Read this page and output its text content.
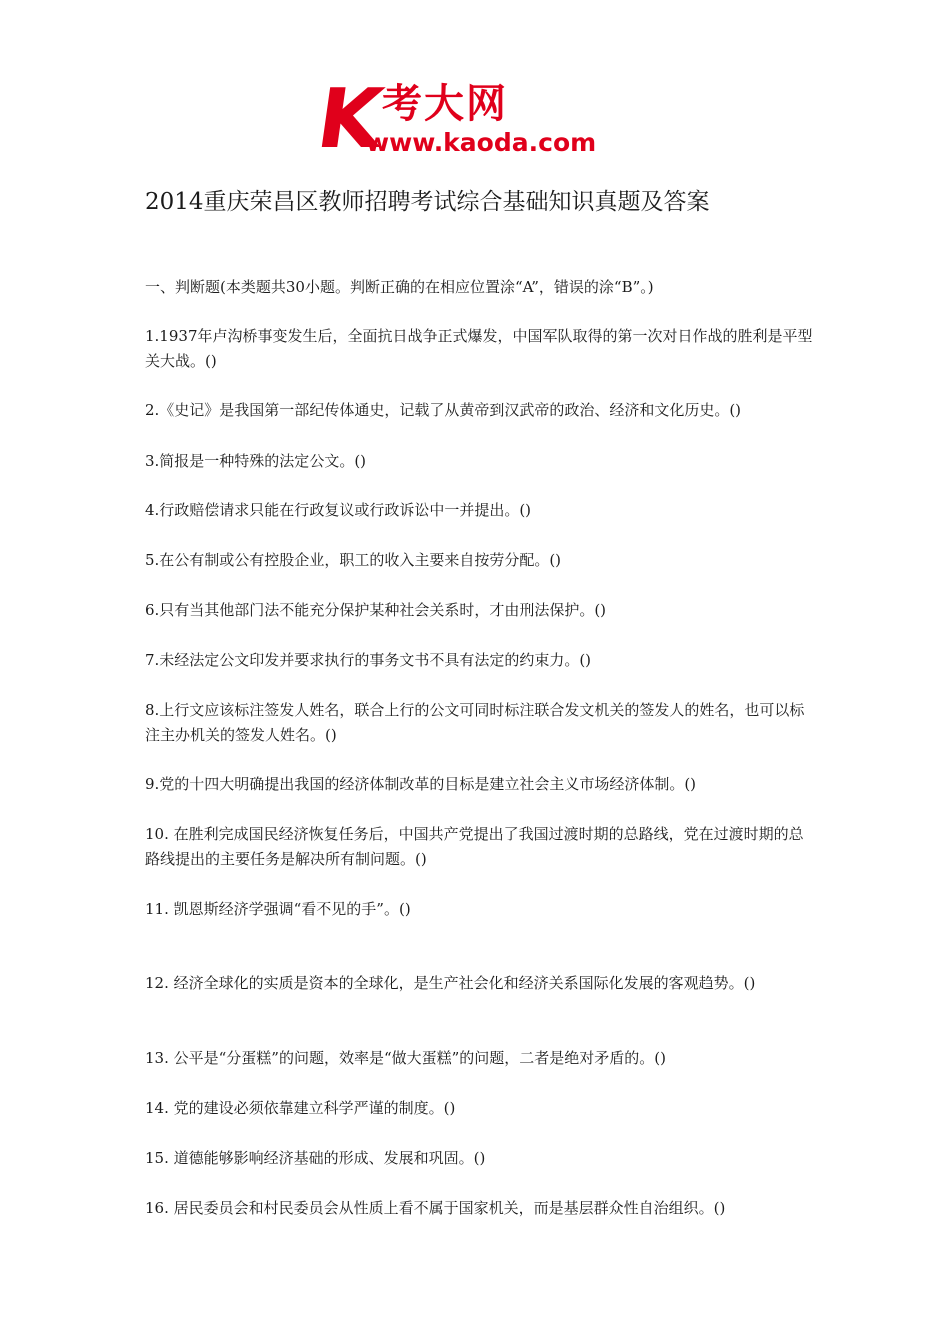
K
考大网
www.kaoda.com
2014重庆荣昌区教师招聘考试综合基础知识真题及答案

一、判断题(本类题共30小题。判断正确的在相应位置涂“A”，错误的涂“B”。)

1.1937年卢沟桥事变发生后，全面抗日战争正式爆发，中国军队取得的第一次对日作战的胜利是平型关大战。()

2.《史记》是我国第一部纪传体通史，记载了从黄帝到汉武帝的政治、经济和文化历史。()

3.简报是一种特殊的法定公文。()

4.行政赔偿请求只能在行政复议或行政诉讼中一并提出。()

5.在公有制或公有控股企业，职工的收入主要来自按劳分配。()

6.只有当其他部门法不能充分保护某种社会关系时，才由刑法保护。()

7.未经法定公文印发并要求执行的事务文书不具有法定的约束力。()

8.上行文应该标注签发人姓名，联合上行的公文可同时标注联合发文机关的签发人的姓名，也可以标注主办机关的签发人姓名。()

9.党的十四大明确提出我国的经济体制改革的目标是建立社会主义市场经济体制。()

10. 在胜利完成国民经济恢复任务后，中国共产党提出了我国过渡时期的总路线，党在过渡时期的总路线提出的主要任务是解决所有制问题。()

11. 凯恩斯经济学强调“看不见的手”。()

12. 经济全球化的实质是资本的全球化，是生产社会化和经济关系国际化发展的客观趋势。()

13. 公平是“分蛋糕”的问题，效率是“做大蛋糕”的问题，二者是绝对矛盾的。()

14. 党的建设必须依靠建立科学严谨的制度。()

15. 道德能够影响经济基础的形成、发展和巩固。()

16. 居民委员会和村民委员会从性质上看不属于国家机关，而是基层群众性自治组织。()
